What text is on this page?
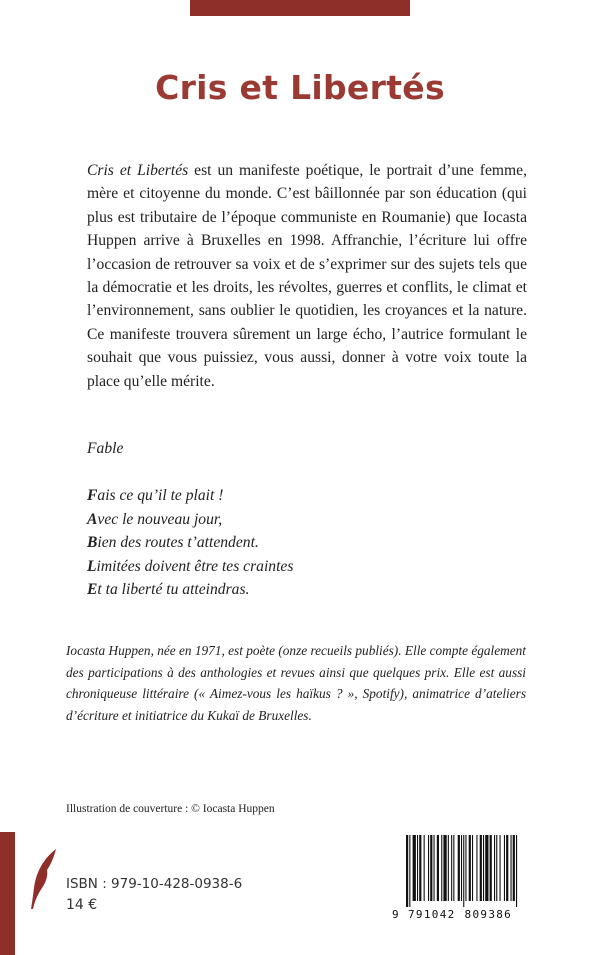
Cris et Libertés

Cris et Libertés est un manifeste poétique, le portrait d’une femme, mère et citoyenne du monde. C’est bâillonnée par son éducation (qui plus est tributaire de l’époque communiste en Roumanie) que Iocasta Huppen arrive à Bruxelles en 1998. Affranchie, l’écriture lui offre l’occasion de retrouver sa voix et de s’exprimer sur des sujets tels que la démocratie et les droits, les révoltes, guerres et conflits, le climat et l’environnement, sans oublier le quotidien, les croyances et la nature. Ce manifeste trouvera sûrement un large écho, l’autrice formulant le souhait que vous puissiez, vous aussi, donner à votre voix toute la place qu’elle mérite.

Fable

Fais ce qu’il te plait !
Avec le nouveau jour,
Bien des routes t’attendent.
Limitées doivent être tes craintes
Et ta liberté tu atteindras.

Iocasta Huppen, née en 1971, est poète (onze recueils publiés). Elle compte également des participations à des anthologies et revues ainsi que quelques prix. Elle est aussi chroniqueuse littéraire (« Aimez-vous les haïkus ? », Spotify), animatrice d’ateliers d’écriture et initiatrice du Kukaï de Bruxelles.

Illustration de couverture : © Iocasta Huppen
ISBN : 979-10-428-0938-6
14 €
9 791042 809386
